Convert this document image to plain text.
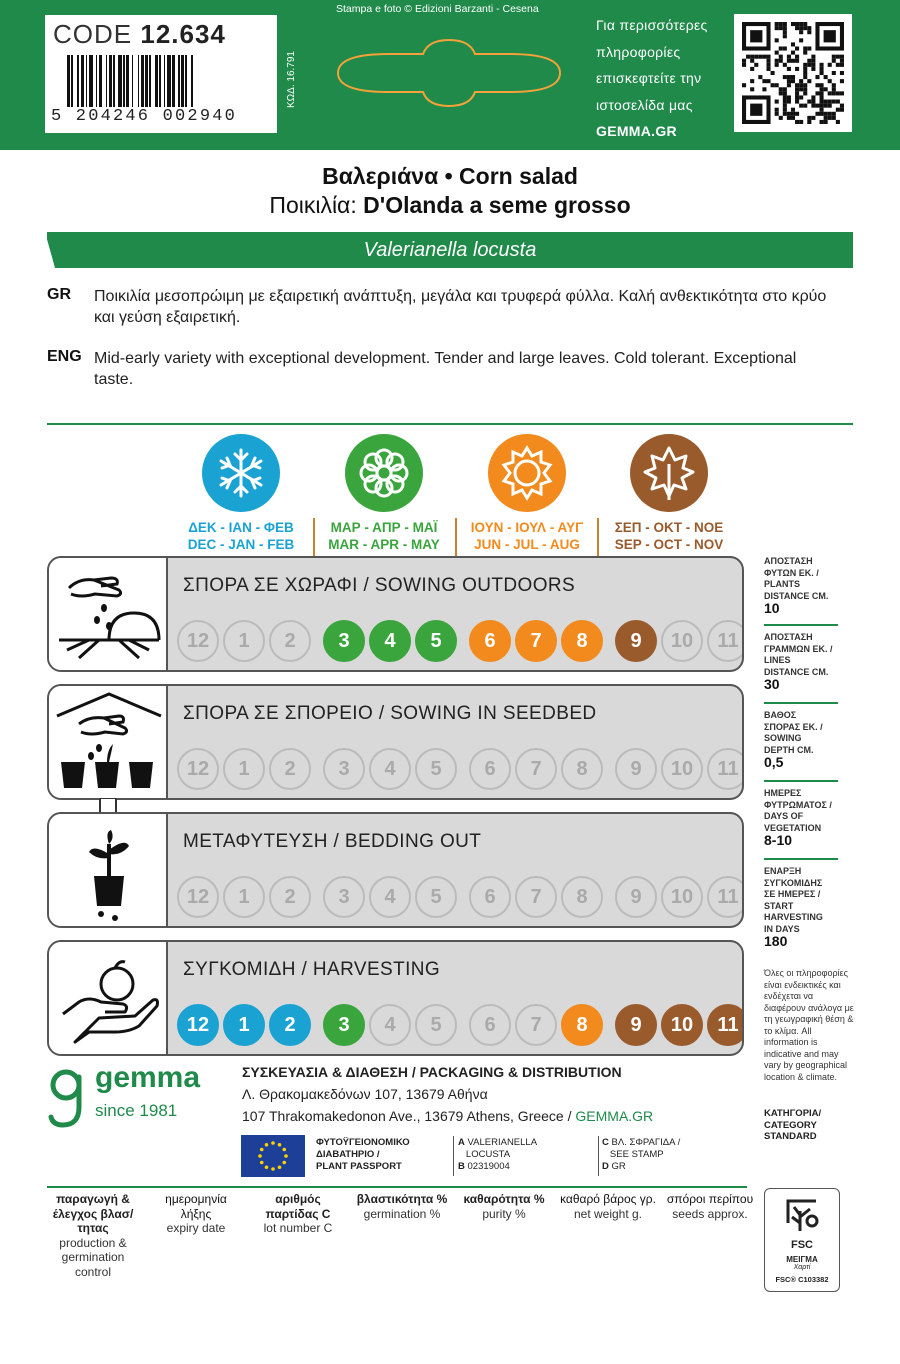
CODE 12.634
5 204246 002940
ΚΩΔ. 16.791
Stampa e foto © Edizioni Barzanti - Cesena
Για περισσότερες
πληροφορίες
επισκεφτείτε την
ιστοσελίδα μας
GEMMA.GR
Βαλεριάνα • Corn salad
Ποικιλία: D'Olanda a seme grosso
Valerianella locusta
GR Ποικιλία μεσοπρώιμη με εξαιρετική ανάπτυξη, μεγάλα και τρυφερά φύλλα. Καλή ανθεκτικότητα στο κρύο και γεύση εξαιρετική.
ENG Mid-early variety with exceptional development. Tender and large leaves. Cold tolerant. Exceptional taste.
ΔΕΚ - ΙΑΝ - ΦΕΒ
DEC - JAN - FEB
ΜΑΡ - ΑΠΡ - ΜΑΪ
MAR - APR - MAY
ΙΟΥΝ - ΙΟΥΛ - ΑΥΓ
JUN - JUL - AUG
ΣΕΠ - ΟΚΤ - ΝΟΕ
SEP - OCT - NOV
ΣΠΟΡΑ ΣΕ ΧΩΡΑΦΙ / SOWING OUTDOORS
12	1	2	3	4	5	6	7	8	9	10	11
ΣΠΟΡΑ ΣΕ ΣΠΟΡΕΙΟ / SOWING IN SEEDBED
12	1	2	3	4	5	6	7	8	9	10	11
ΜΕΤΑΦΥΤΕΥΣΗ / BEDDING OUT
12	1	2	3	4	5	6	7	8	9	10	11
ΣΥΓΚΟΜΙΔΗ / HARVESTING
12	1	2	3	4	5	6	7	8	9	10	11
ΑΠΟΣΤΑΣΗ
ΦΥΤΩΝ ΕΚ. /
PLANTS
DISTANCE CM.
10
ΑΠΟΣΤΑΣΗ
ΓΡΑΜΜΩΝ ΕΚ. /
LINES
DISTANCE CM.
30
ΒΑΘΟΣ
ΣΠΟΡΑΣ ΕΚ. /
SOWING
DEPTH CM.
0,5
ΗΜΕΡΕΣ
ΦΥΤΡΩΜΑΤΟΣ /
DAYS OF
VEGETATION
8-10
ΕΝΑΡΞΗ
ΣΥΓΚΟΜΙΔΗΣ
ΣΕ ΗΜΕΡΕΣ /
START
HARVESTING
IN DAYS
180
Όλες οι πληροφορίες είναι ενδεικτικές και ενδέχεται να διαφέρουν ανάλογα με τη γεωγραφική θέση & το κλίμα. All information is indicative and may vary by geographical location & climate.
gemma
since 1981
ΣΥΣΚΕΥΑΣΙΑ & ΔΙΑΘΕΣΗ / PACKAGING & DISTRIBUTION
Λ. Θρακομακεδόνων 107, 13679 Αθήνα
107 Thrakomakedonon Ave., 13679 Athens, Greece / GEMMA.GR
ΦΥΤΟΫΓΕΙΟΝΟΜΙΚΟ
ΔΙΑΒΑΤΗΡΙΟ /
PLANT PASSPORT
A VALERIANELLA
LOCUSTA
B 02319004
C ΒΛ. ΣΦΡΑΓΙΔΑ /
SEE STAMP
D GR
ΚΑΤΗΓΟΡΙΑ/
CATEGORY
STANDARD
παραγωγή & έλεγχος βλασ/τητας
production & germination control
ημερομηνία λήξης
expiry date
αριθμός παρτίδας C
lot number C
βλαστικότητα %
germination %
καθαρότητα %
purity %
καθαρό βάρος γρ.
net weight g.
σπόροι περίπου
seeds approx.
FSC
ΜΕΙΓΜΑ
Χαρτί
FSC® C103382
